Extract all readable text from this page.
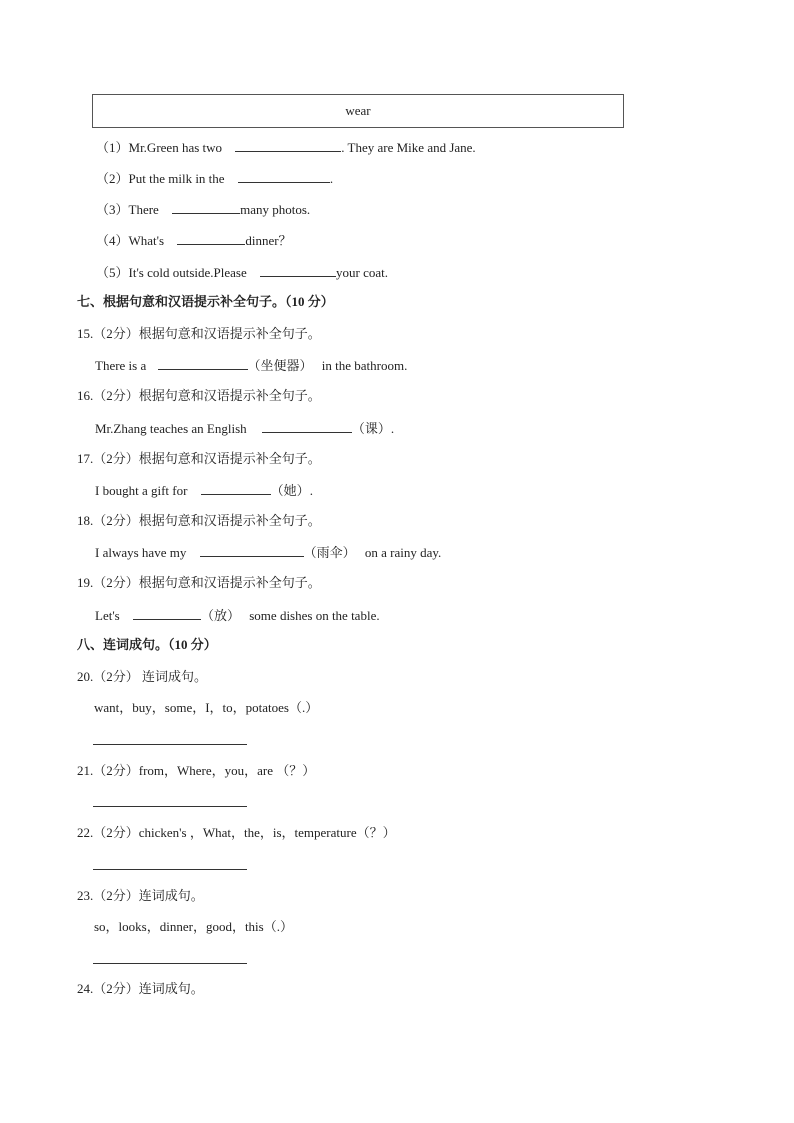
wear
（1）Mr.Green has two	. They are Mike and Jane.
（2）Put the milk in the	.
（3）There	many photos.
（4）What's	dinner？
（5）It's cold outside.Please	your coat.
七、根据句意和汉语提示补全句子。（10 分）
15.（2分）根据句意和汉语提示补全句子。
There is a	（坐便器） in the bathroom.
16.（2分）根据句意和汉语提示补全句子。
Mr.Zhang teaches an English	（课）.
17.（2分）根据句意和汉语提示补全句子。
I bought a gift for	（她）.
18.（2分）根据句意和汉语提示补全句子。
I always have my	（雨伞） on a rainy day.
19.（2分）根据句意和汉语提示补全句子。
Let's	（放） some dishes on the table.
八、连词成句。（10 分）
20.（2分） 连词成句。
want，buy，some，I，to，potatoes（.）
21.（2分）from，Where，you，are （？）
22.（2分）chicken's ，What，the，is，temperature（？）
23.（2分）连词成句。
so，looks，dinner，good，this（.）
24.（2分）连词成句。
